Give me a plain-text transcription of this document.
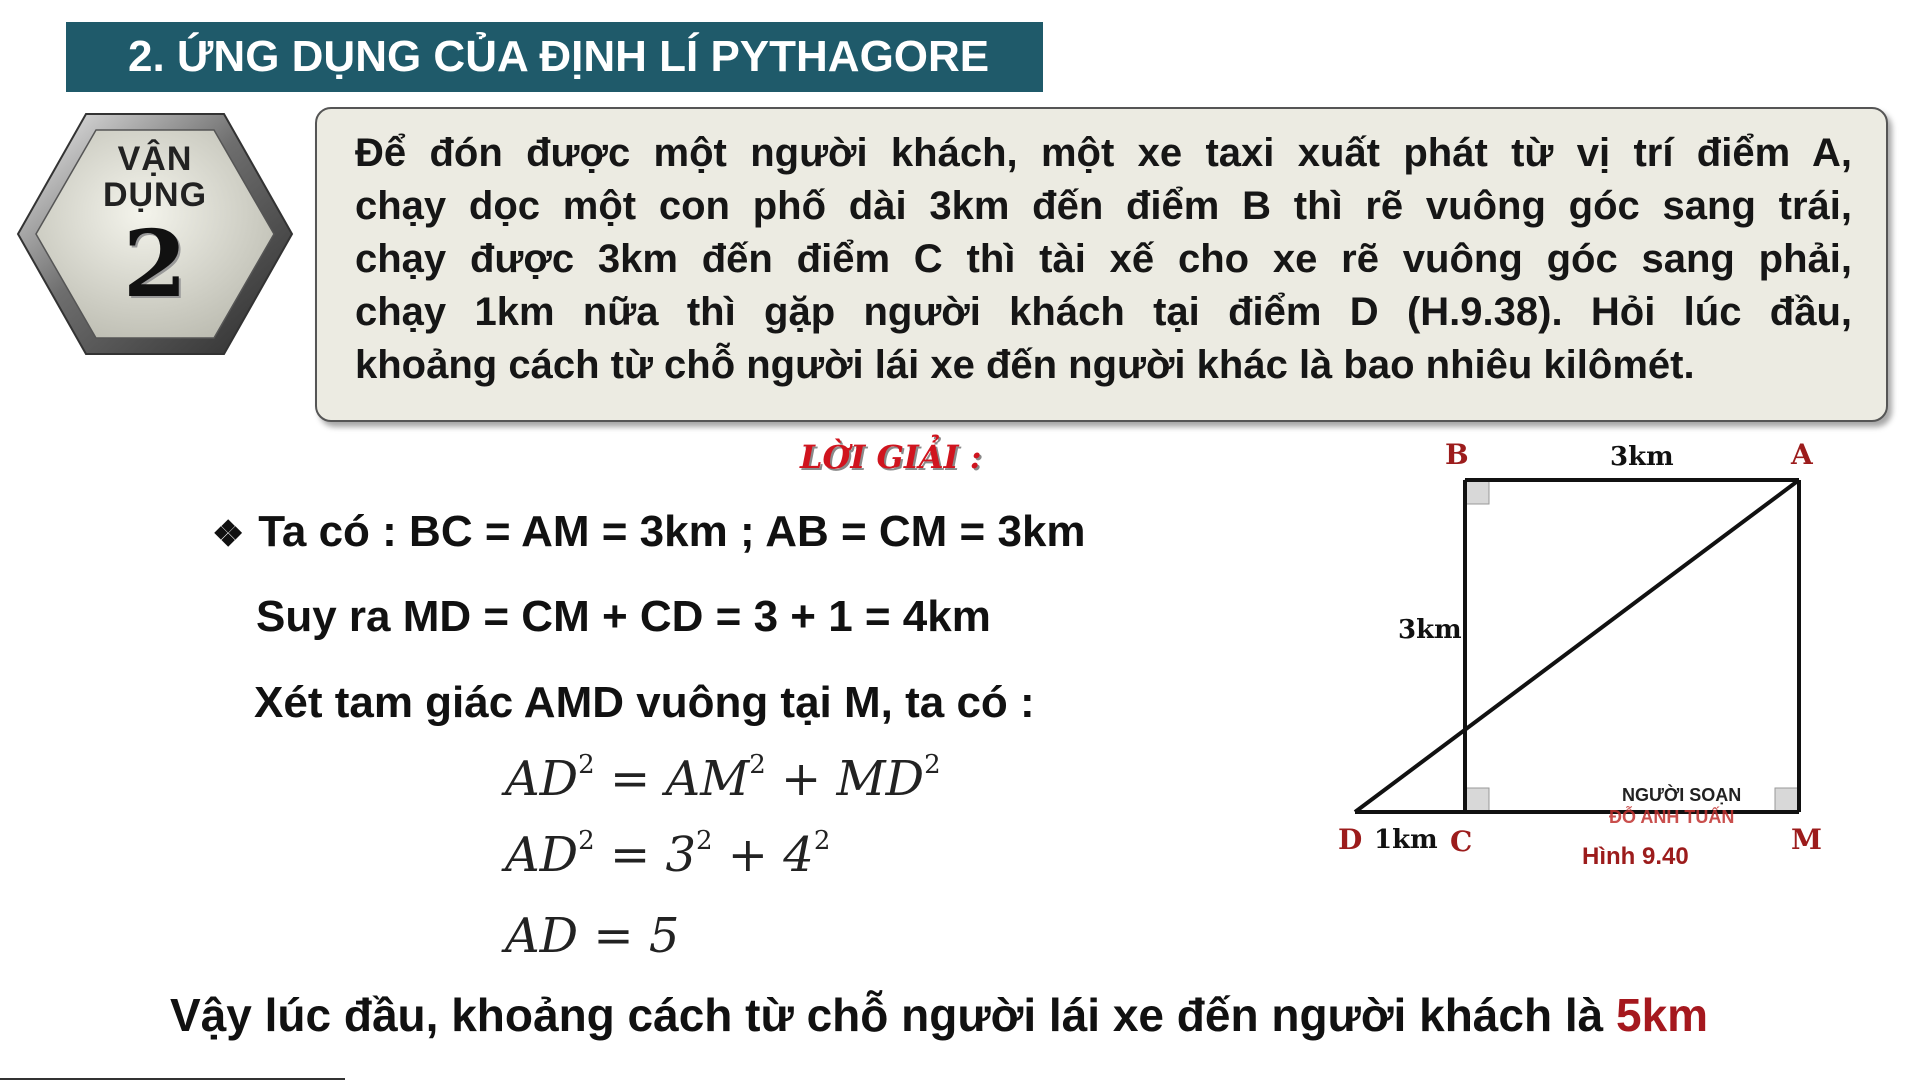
2. ỨNG DỤNG CỦA ĐỊNH LÍ PYTHAGORE
VẬN
DỤNG
2
Để đón được một người khách, một xe taxi xuất phát từ vị trí điểm A,
chạy dọc một con phố dài 3km đến điểm B thì rẽ vuông góc sang trái,
chạy được 3km đến điểm C thì tài xế cho xe rẽ vuông góc sang phải,
chạy 1km nữa thì gặp người khách tại điểm D (H.9.38). Hỏi lúc đầu,
khoảng cách từ chỗ người lái xe đến người khác là bao nhiêu kilômét.
LỜI GIẢI :
❖ Ta có : BC = AM = 3km ; AB = CM = 3km
Suy ra MD = CM + CD = 3 + 1 = 4km
Xét tam giác AMD vuông tại M, ta có :
$AD^2 = AM^2 + MD^2$
$AD^2 = 3^2 + 4^2$
AD = 5
B	A
D	C	M
3km
3km
1km
NGƯỜI SOẠN
ĐỖ ANH TUẤN
Hình 9.40
Vậy lúc đầu, khoảng cách từ chỗ người lái xe đến người khách là 5km
